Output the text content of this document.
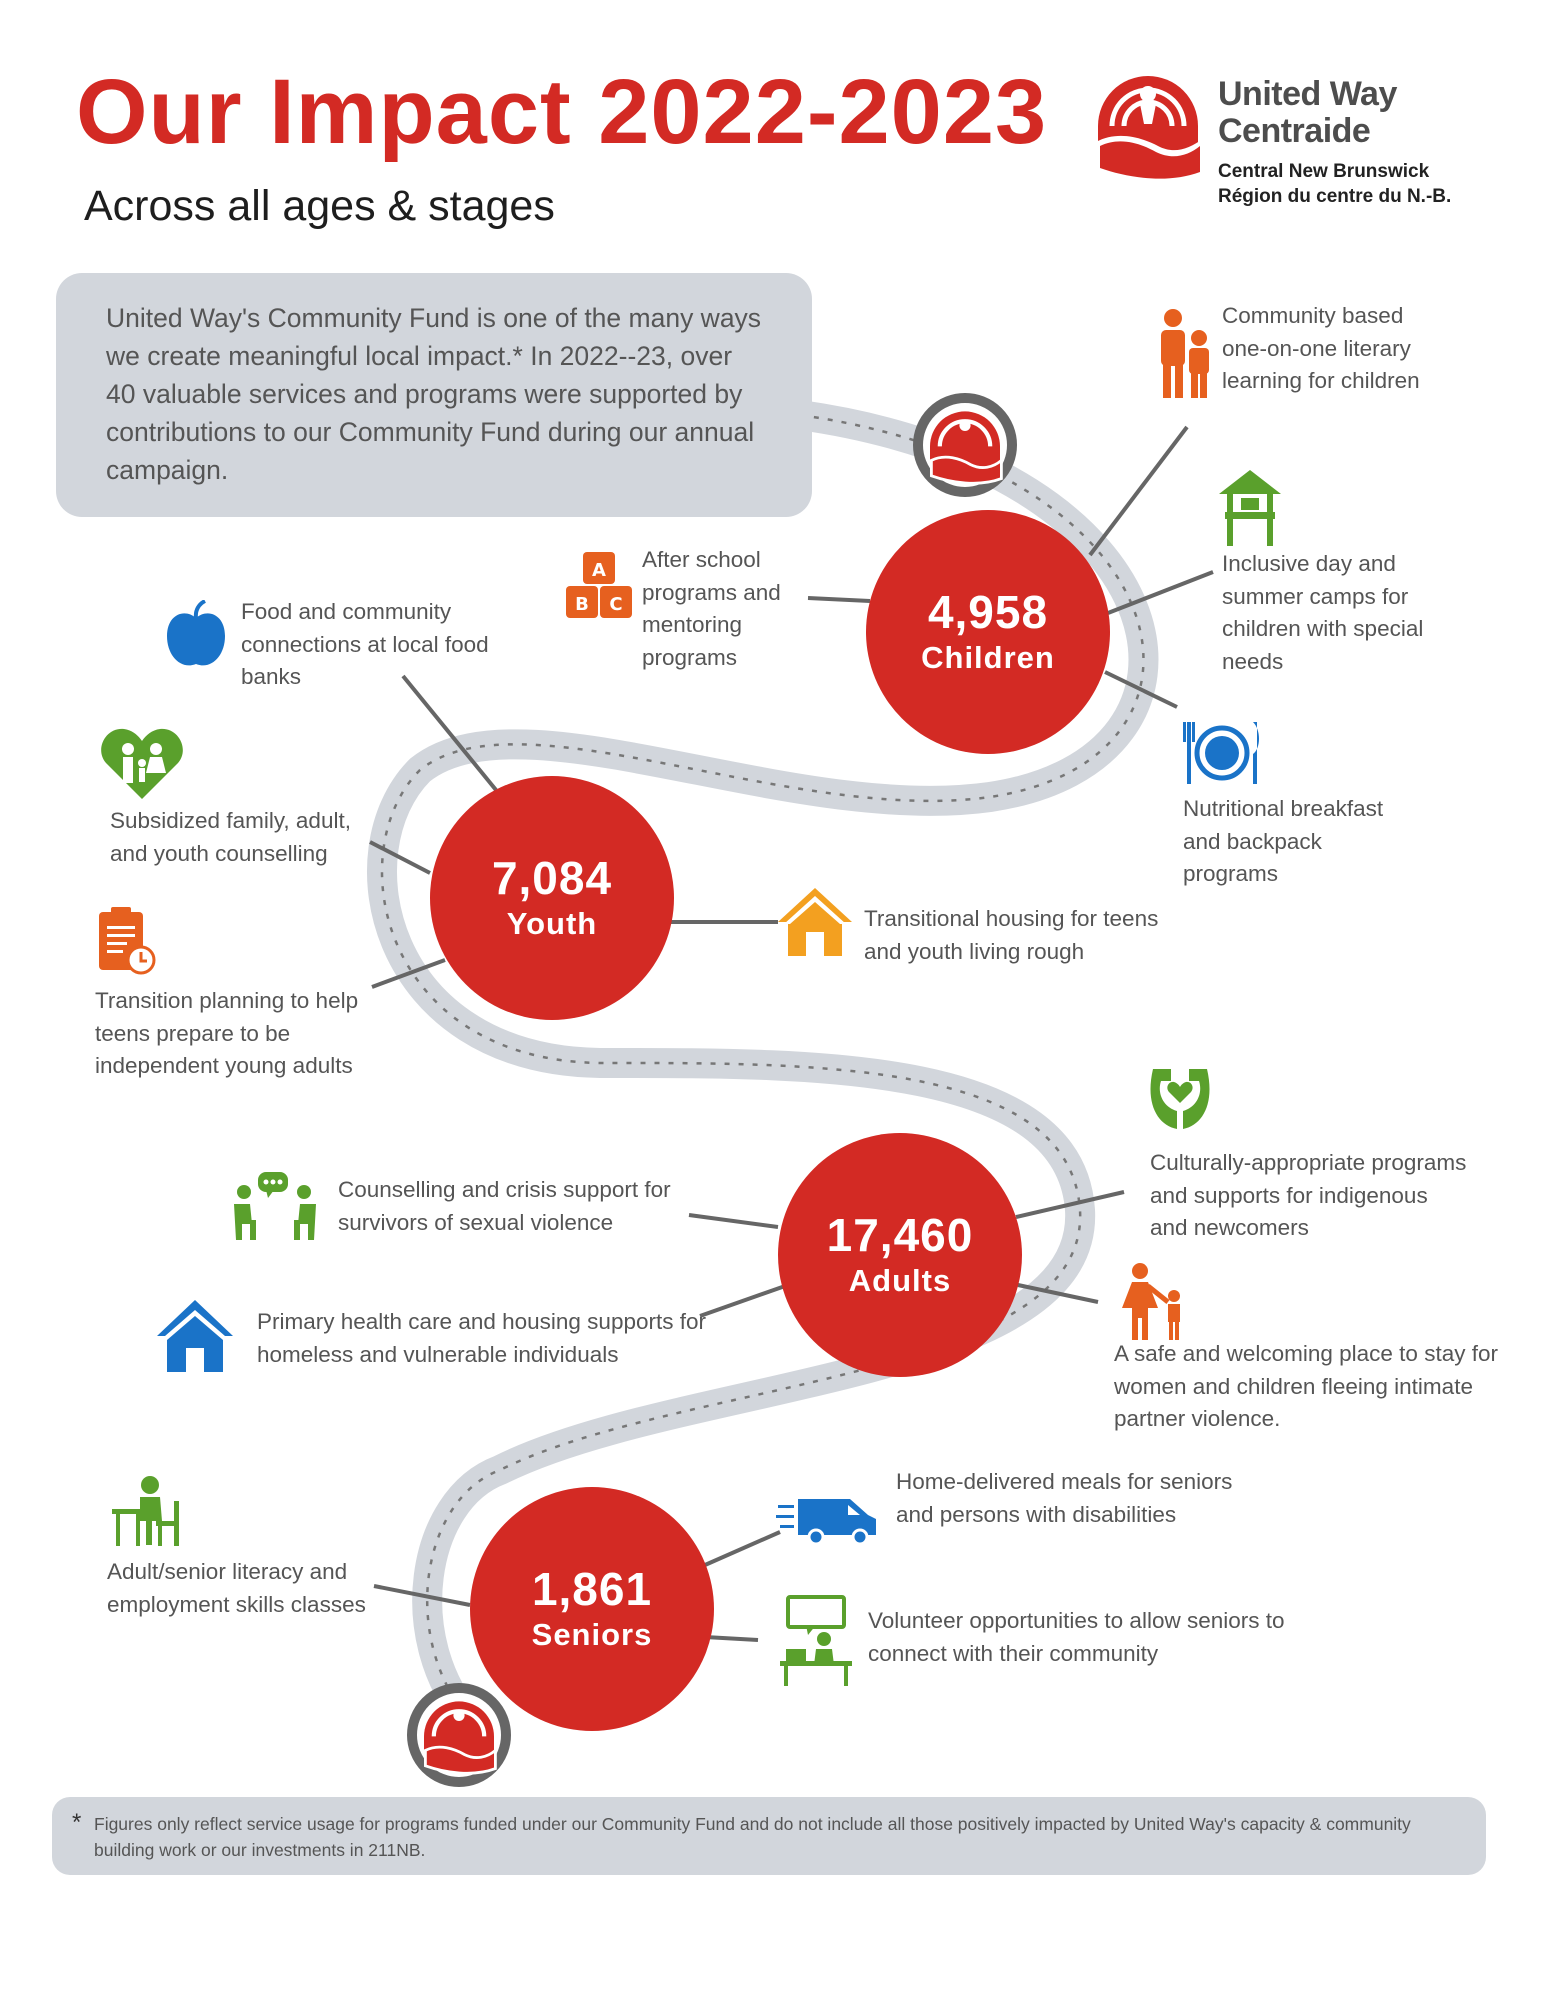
Our Impact 2022-2023
Across all ages & stages
United Way
Centraide
Central New Brunswick
Région du centre du N.-B.
United Way's Community Fund is one of the many ways we create meaningful local impact.* In 2022--23, over 40 valuable services and programs were supported by contributions to our Community Fund during our annual campaign.
4,958
Children
7,084
Youth
17,460
Adults
1,861
Seniors
Community based one-on-one literary learning for children
A
B C
After school programs and mentoring programs
Inclusive day and summer camps for children with special needs
Nutritional breakfast and backpack programs
Food and community connections at local food banks
Subsidized family, adult, and youth counselling
Transition planning to help teens prepare to be independent young adults
Transitional housing for teens and youth living rough
Counselling and crisis support for survivors of sexual violence
Culturally-appropriate programs and supports for indigenous and newcomers
Primary health care and housing supports for homeless and vulnerable individuals	A safe and welcoming place to stay for women and children fleeing intimate partner violence.
Adult/senior literacy and employment skills classes
Home-delivered meals for seniors and persons with disabilities
Volunteer opportunities to allow seniors to connect with their community
* Figures only reflect service usage for programs funded under our Community Fund and do not include all those positively impacted by United Way's capacity & community building work or our investments in 211NB.
